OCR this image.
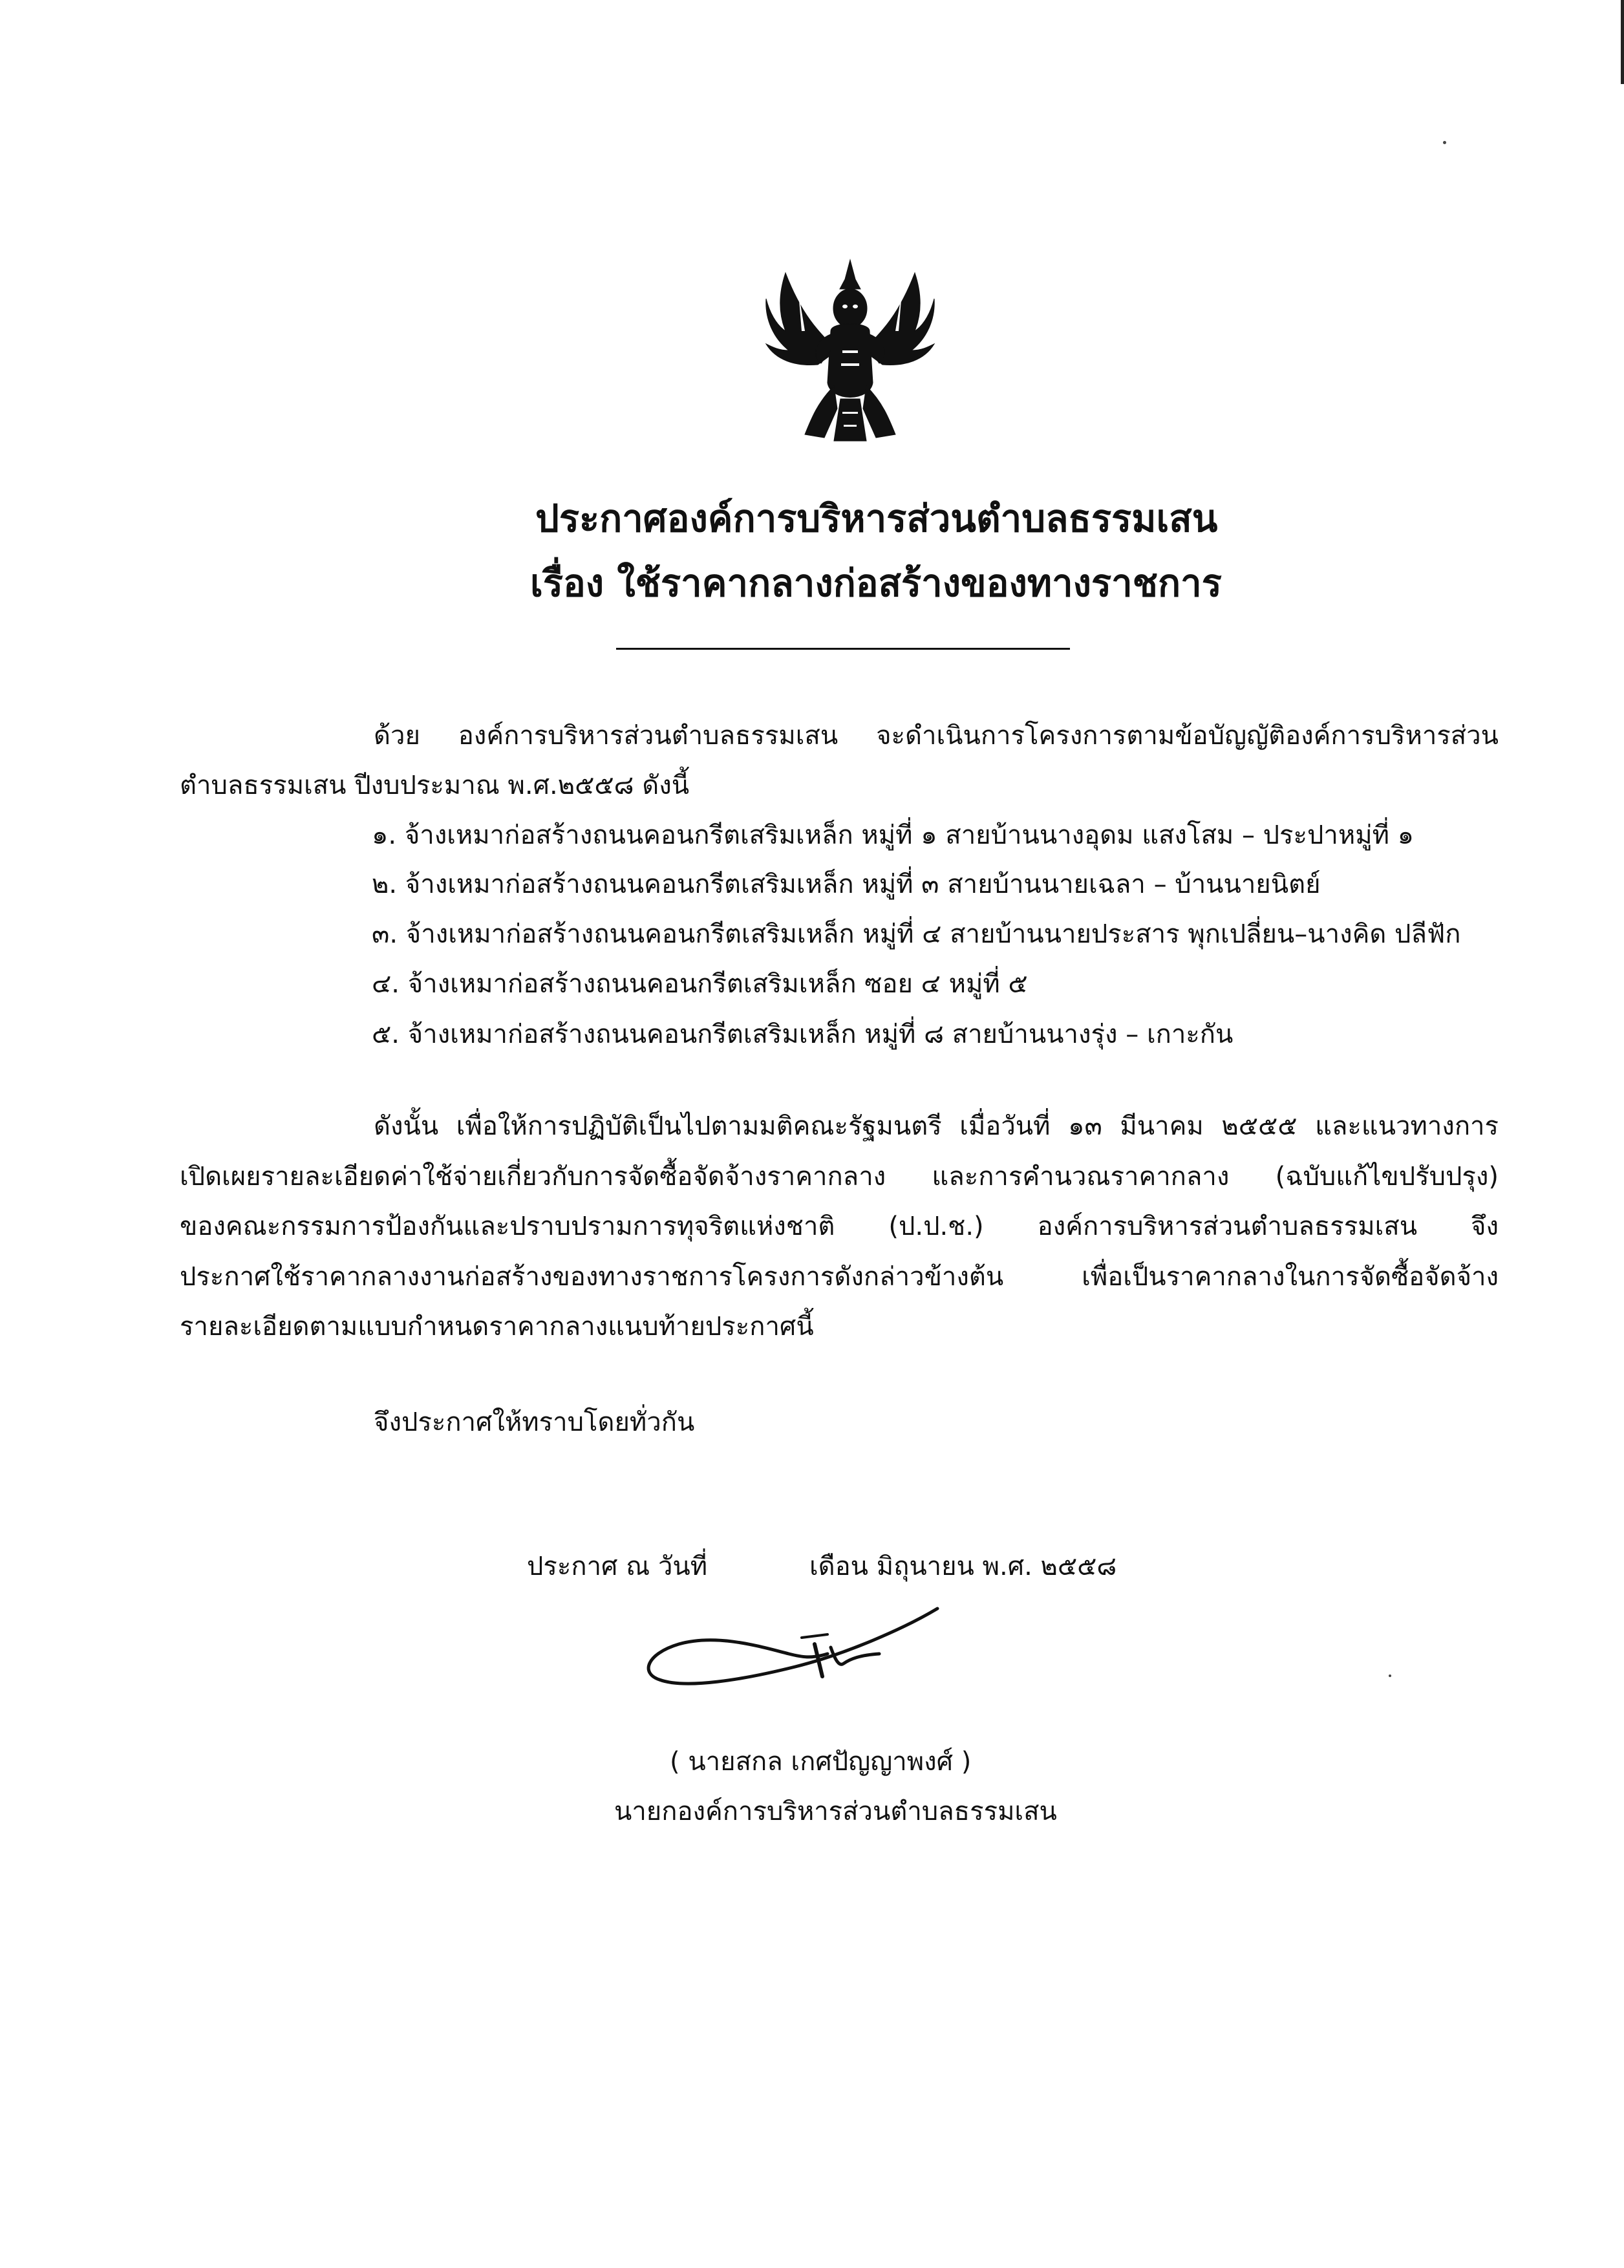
ประกาศองค์การบริหารส่วนตำบลธรรมเสน
เรื่อง ใช้ราคากลางก่อสร้างของทางราชการ
ด้วย องค์การบริหารส่วนตำบลธรรมเสน จะดำเนินการโครงการตามข้อบัญญัติองค์การบริหารส่วน
ตำบลธรรมเสน ปีงบประมาณ พ.ศ.๒๕๕๘ ดังนี้
๑. จ้างเหมาก่อสร้างถนนคอนกรีตเสริมเหล็ก หมู่ที่ ๑ สายบ้านนางอุดม แสงโสม – ประปาหมู่ที่ ๑
๒. จ้างเหมาก่อสร้างถนนคอนกรีตเสริมเหล็ก หมู่ที่ ๓ สายบ้านนายเฉลา – บ้านนายนิตย์
๓. จ้างเหมาก่อสร้างถนนคอนกรีตเสริมเหล็ก หมู่ที่ ๔ สายบ้านนายประสาร พุกเปลี่ยน–นางคิด ปลีฟัก
๔. จ้างเหมาก่อสร้างถนนคอนกรีตเสริมเหล็ก ซอย ๔ หมู่ที่ ๕
๕. จ้างเหมาก่อสร้างถนนคอนกรีตเสริมเหล็ก หมู่ที่ ๘ สายบ้านนางรุ่ง – เกาะกัน
ดังนั้น เพื่อให้การปฏิบัติเป็นไปตามมติคณะรัฐมนตรี เมื่อวันที่ ๑๓ มีนาคม ๒๕๕๕ และแนวทางการ
เปิดเผยรายละเอียดค่าใช้จ่ายเกี่ยวกับการจัดซื้อจัดจ้างราคากลาง และการคำนวณราคากลาง (ฉบับแก้ไขปรับปรุง)
ของคณะกรรมการป้องกันและปราบปรามการทุจริตแห่งชาติ (ป.ป.ช.) องค์การบริหารส่วนตำบลธรรมเสน จึง
ประกาศใช้ราคากลางงานก่อสร้างของทางราชการโครงการดังกล่าวข้างต้น เพื่อเป็นราคากลางในการจัดซื้อจัดจ้าง
รายละเอียดตามแบบกำหนดราคากลางแนบท้ายประกาศนี้
จึงประกาศให้ทราบโดยทั่วกัน
ประกาศ ณ วันที่	เดือน มิถุนายน พ.ศ. ๒๕๕๘
( นายสกล เกศปัญญาพงศ์ )
นายกองค์การบริหารส่วนตำบลธรรมเสน
